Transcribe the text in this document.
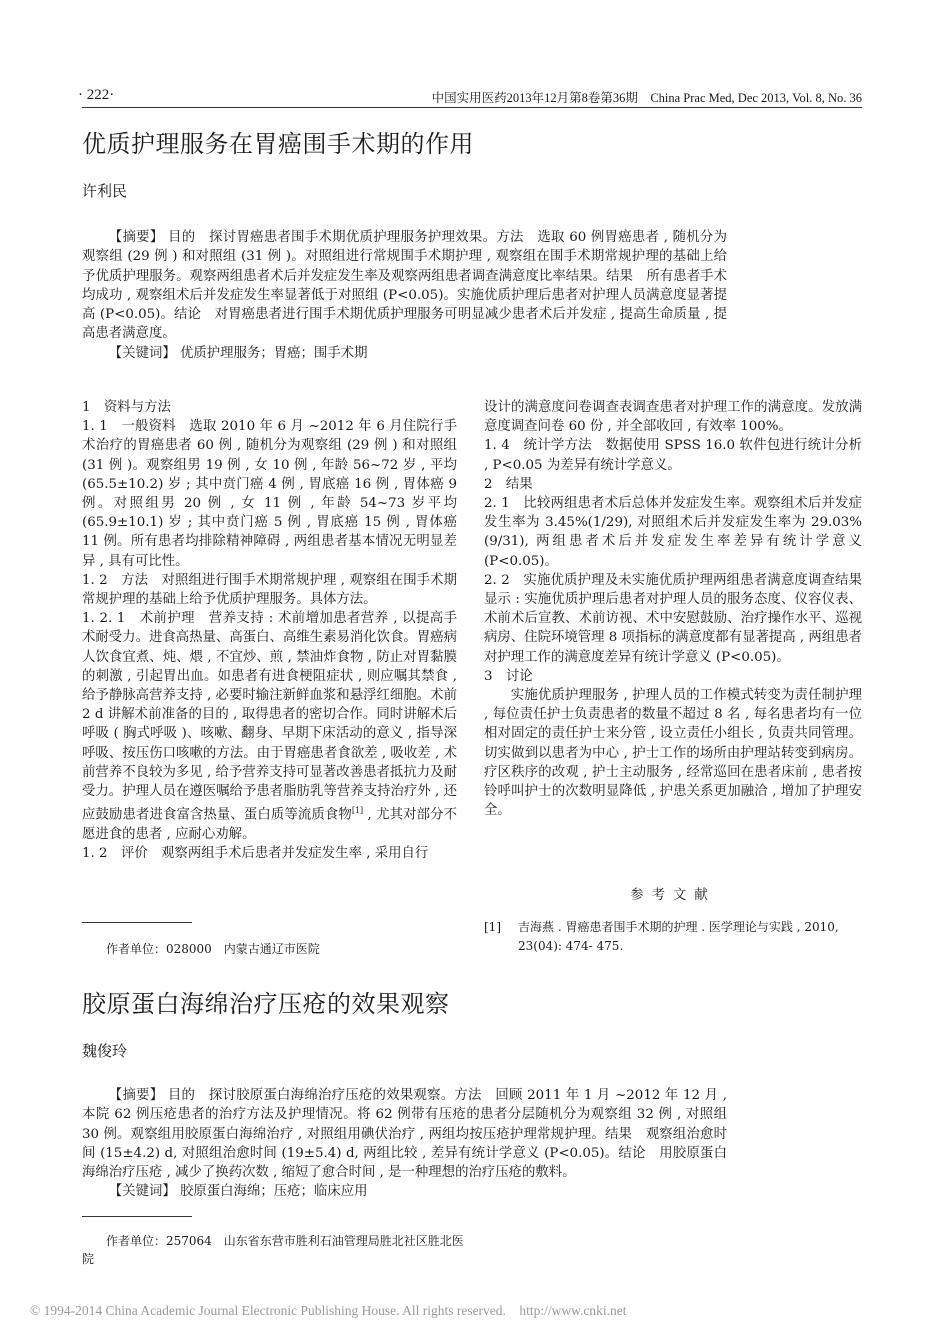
· 222·	中国实用医药2013年12月第8卷第36期　China Prac Med, Dec 2013, Vol. 8, No. 36
优质护理服务在胃癌围手术期的作用
许利民

【摘要】 目的　探讨胃癌患者围手术期优质护理服务护理效果。方法　选取 60 例胃癌患者 , 随机分为观察组 (29 例 ) 和对照组 (31 例 )。对照组进行常规围手术期护理 , 观察组在围手术期常规护理的基础上给予优质护理服务。观察两组患者术后并发症发生率及观察两组患者调查满意度比率结果。结果　所有患者手术均成功 , 观察组术后并发症发生率显著低于对照组 (P<0.05)。实施优质护理后患者对护理人员满意度显著提高 (P<0.05)。结论　对胃癌患者进行围手术期优质护理服务可明显减少患者术后并发症 , 提高生命质量 , 提高患者满意度。

【关键词】 优质护理服务；胃癌；围手术期

1　资料与方法

1. 1　一般资料　选取 2010 年 6 月 ~2012 年 6 月住院行手术治疗的胃癌患者 60 例 , 随机分为观察组 (29 例 ) 和对照组 (31 例 )。观察组男 19 例 , 女 10 例 , 年龄 56~72 岁 , 平均 (65.5±10.2) 岁 ; 其中贲门癌 4 例 , 胃底癌 16 例 , 胃体癌 9 例。对照组男 20 例 , 女 11 例 , 年龄 54~73 岁平均 (65.9±10.1) 岁 ; 其中贲门癌 5 例 , 胃底癌 15 例 , 胃体癌 11 例。所有患者均排除精神障碍 , 两组患者基本情况无明显差异 , 具有可比性。

1. 2　方法　对照组进行围手术期常规护理 , 观察组在围手术期常规护理的基础上给予优质护理服务。具体方法。

1. 2. 1　术前护理　营养支持 : 术前增加患者营养 , 以提高手术耐受力。进食高热量、高蛋白、高维生素易消化饮食。胃癌病人饮食宜煮、炖、煨 , 不宜炒、煎 , 禁油炸食物 , 防止对胃黏膜的刺激 , 引起胃出血。如患者有进食梗阻症状 , 则应嘱其禁食 , 给予静脉高营养支持 , 必要时输注新鲜血浆和悬浮红细胞。术前 2 d 讲解术前准备的目的 , 取得患者的密切合作。同时讲解术后呼吸 ( 胸式呼吸 )、咳嗽、翻身、早期下床活动的意义 , 指导深呼吸、按压伤口咳嗽的方法。由于胃癌患者食欲差 , 吸收差 , 术前营养不良较为多见 , 给予营养支持可显著改善患者抵抗力及耐受力。护理人员在遵医嘱给予患者脂肪乳等营养支持治疗外 , 还应鼓励患者进食富含热量、蛋白质等流质食物[1] , 尤其对部分不愿进食的患者 , 应耐心劝解。

1. 2　评价　观察两组手术后患者并发症发生率 , 采用自行

作者单位：028000　内蒙古通辽市医院

设计的满意度问卷调查表调查患者对护理工作的满意度。发放满意度调查问卷 60 份 , 并全部收回 , 有效率 100%。

1. 4　统计学方法　数据使用 SPSS 16.0 软件包进行统计分析 , P<0.05 为差异有统计学意义。

2　结果

2. 1　比较两组患者术后总体并发症发生率。观察组术后并发症发生率为 3.45%(1/29), 对照组术后并发症发生率为 29.03%(9/31), 两组患者术后并发症发生率差异有统计学意义 (P<0.05)。

2. 2　实施优质护理及未实施优质护理两组患者满意度调查结果显示 : 实施优质护理后患者对护理人员的服务态度、仪容仪表、术前术后宣教、术前访视、术中安慰鼓励、治疗操作水平、巡视病房、住院环境管理 8 项指标的满意度都有显著提高 , 两组患者对护理工作的满意度差异有统计学意义 (P<0.05)。

3　讨论

实施优质护理服务 , 护理人员的工作模式转变为责任制护理 , 每位责任护士负责患者的数量不超过 8 名 , 每名患者均有一位相对固定的责任护士来分管 , 设立责任小组长 , 负责共同管理。切实做到以患者为中心 , 护士工作的场所由护理站转变到病房。疗区秩序的改观 , 护士主动服务 , 经常巡回在患者床前 , 患者按铃呼叫护士的次数明显降低 , 护患关系更加融洽 , 增加了护理安全。

参考文献
[1]	吉海燕 . 胃癌患者围手术期的护理 . 医学理论与实践 , 2010, 23(04): 474- 475.
胶原蛋白海绵治疗压疮的效果观察
魏俊玲

【摘要】 目的　探讨胶原蛋白海绵治疗压疮的效果观察。方法　回顾 2011 年 1 月 ~2012 年 12 月 , 本院 62 例压疮患者的治疗方法及护理情况。将 62 例带有压疮的患者分层随机分为观察组 32 例 , 对照组 30 例。观察组用胶原蛋白海绵治疗 , 对照组用碘伏治疗 , 两组均按压疮护理常规护理。结果　观察组治愈时间 (15±4.2) d, 对照组治愈时间 (19±5.4) d, 两组比较 , 差异有统计学意义 (P<0.05)。结论　用胶原蛋白海绵治疗压疮 , 减少了换药次数 , 缩短了愈合时间 , 是一种理想的治疗压疮的敷料。

【关键词】 胶原蛋白海绵；压疮；临床应用

作者单位：257064　山东省东营市胜利石油管理局胜北社区胜北医院
© 1994-2014 China Academic Journal Electronic Publishing House. All rights reserved.　http://www.cnki.net
